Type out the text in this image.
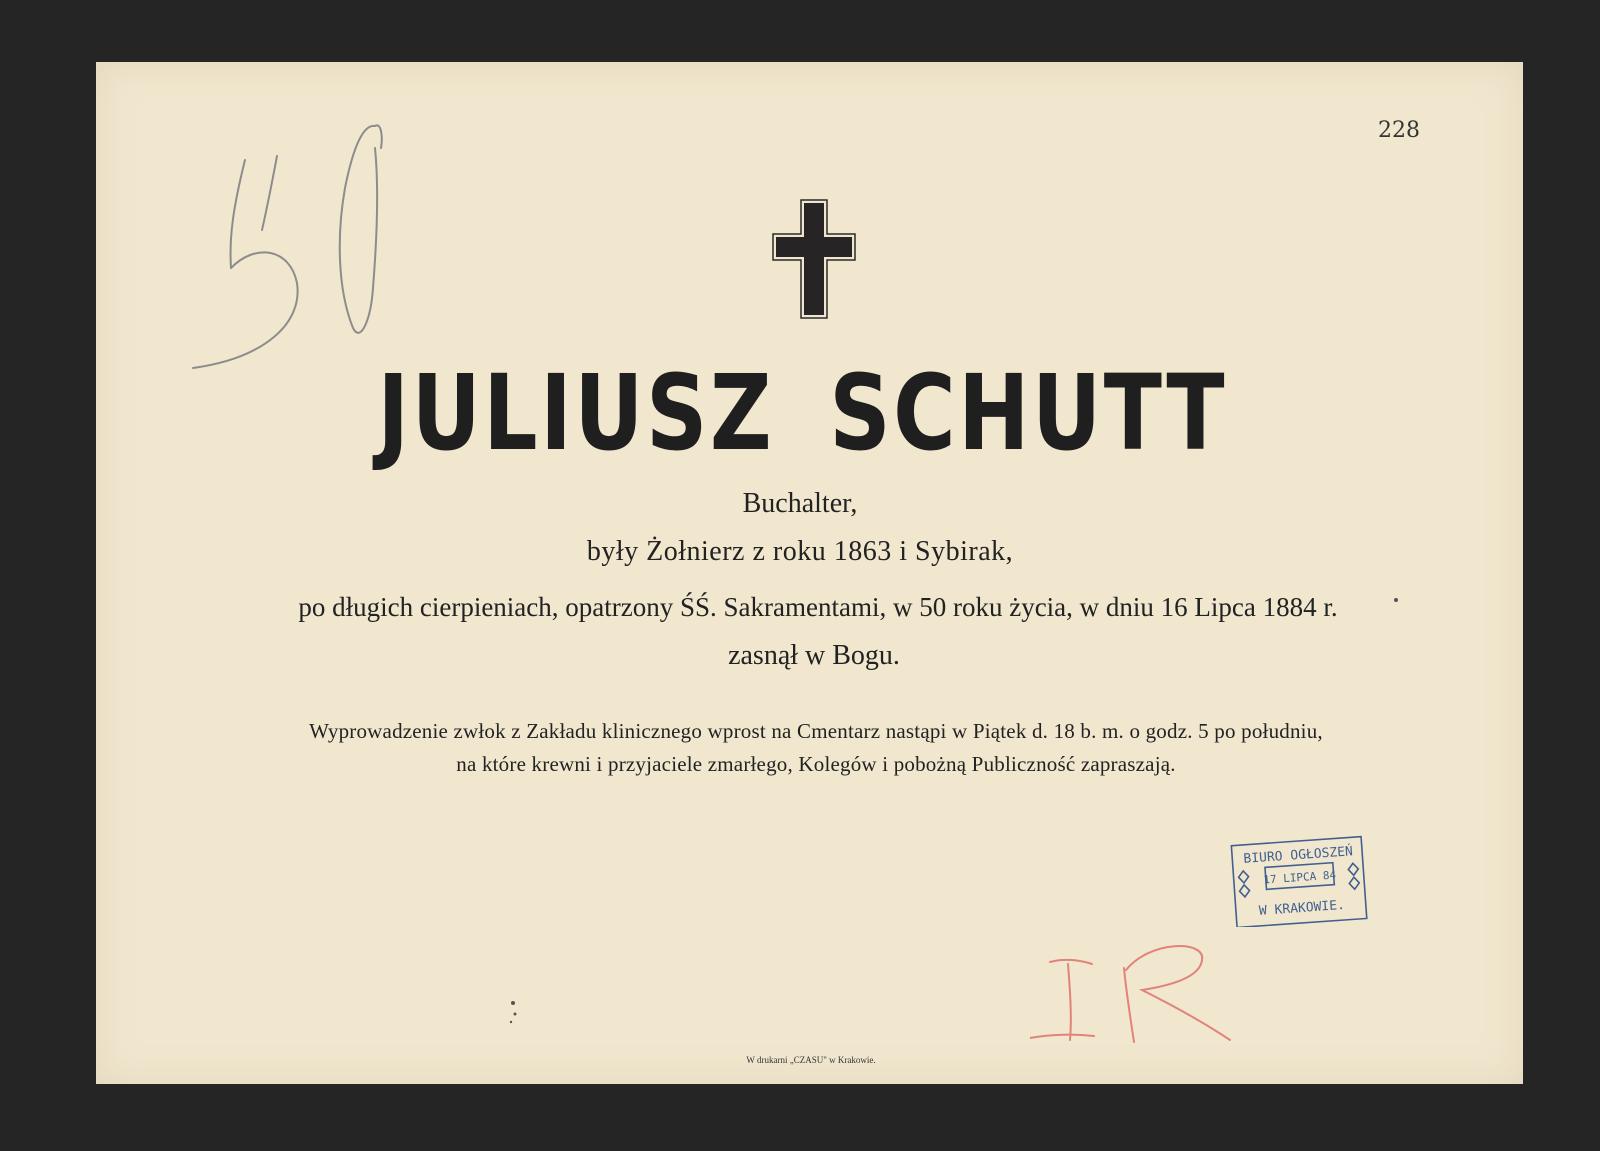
228
JULIUSZ SCHUTT
Buchalter,
były Żołnierz z roku 1863 i Sybirak,
po długich cierpieniach, opatrzony ŚŚ. Sakramentami, w 50 roku życia, w dniu 16 Lipca 1884 r.
zasnął w Bogu.
Wyprowadzenie zwłok z Zakładu klinicznego wprost na Cmentarz nastąpi w Piątek d. 18 b. m. o godz. 5 po południu,
na które krewni i przyjaciele zmarłego, Kolegów i pobożną Publiczność zapraszają.
BIURO OGŁOSZEŃ
17 LIPCA 84
W KRAKOWIE.
W drukarni „CZASU" w Krakowie.
